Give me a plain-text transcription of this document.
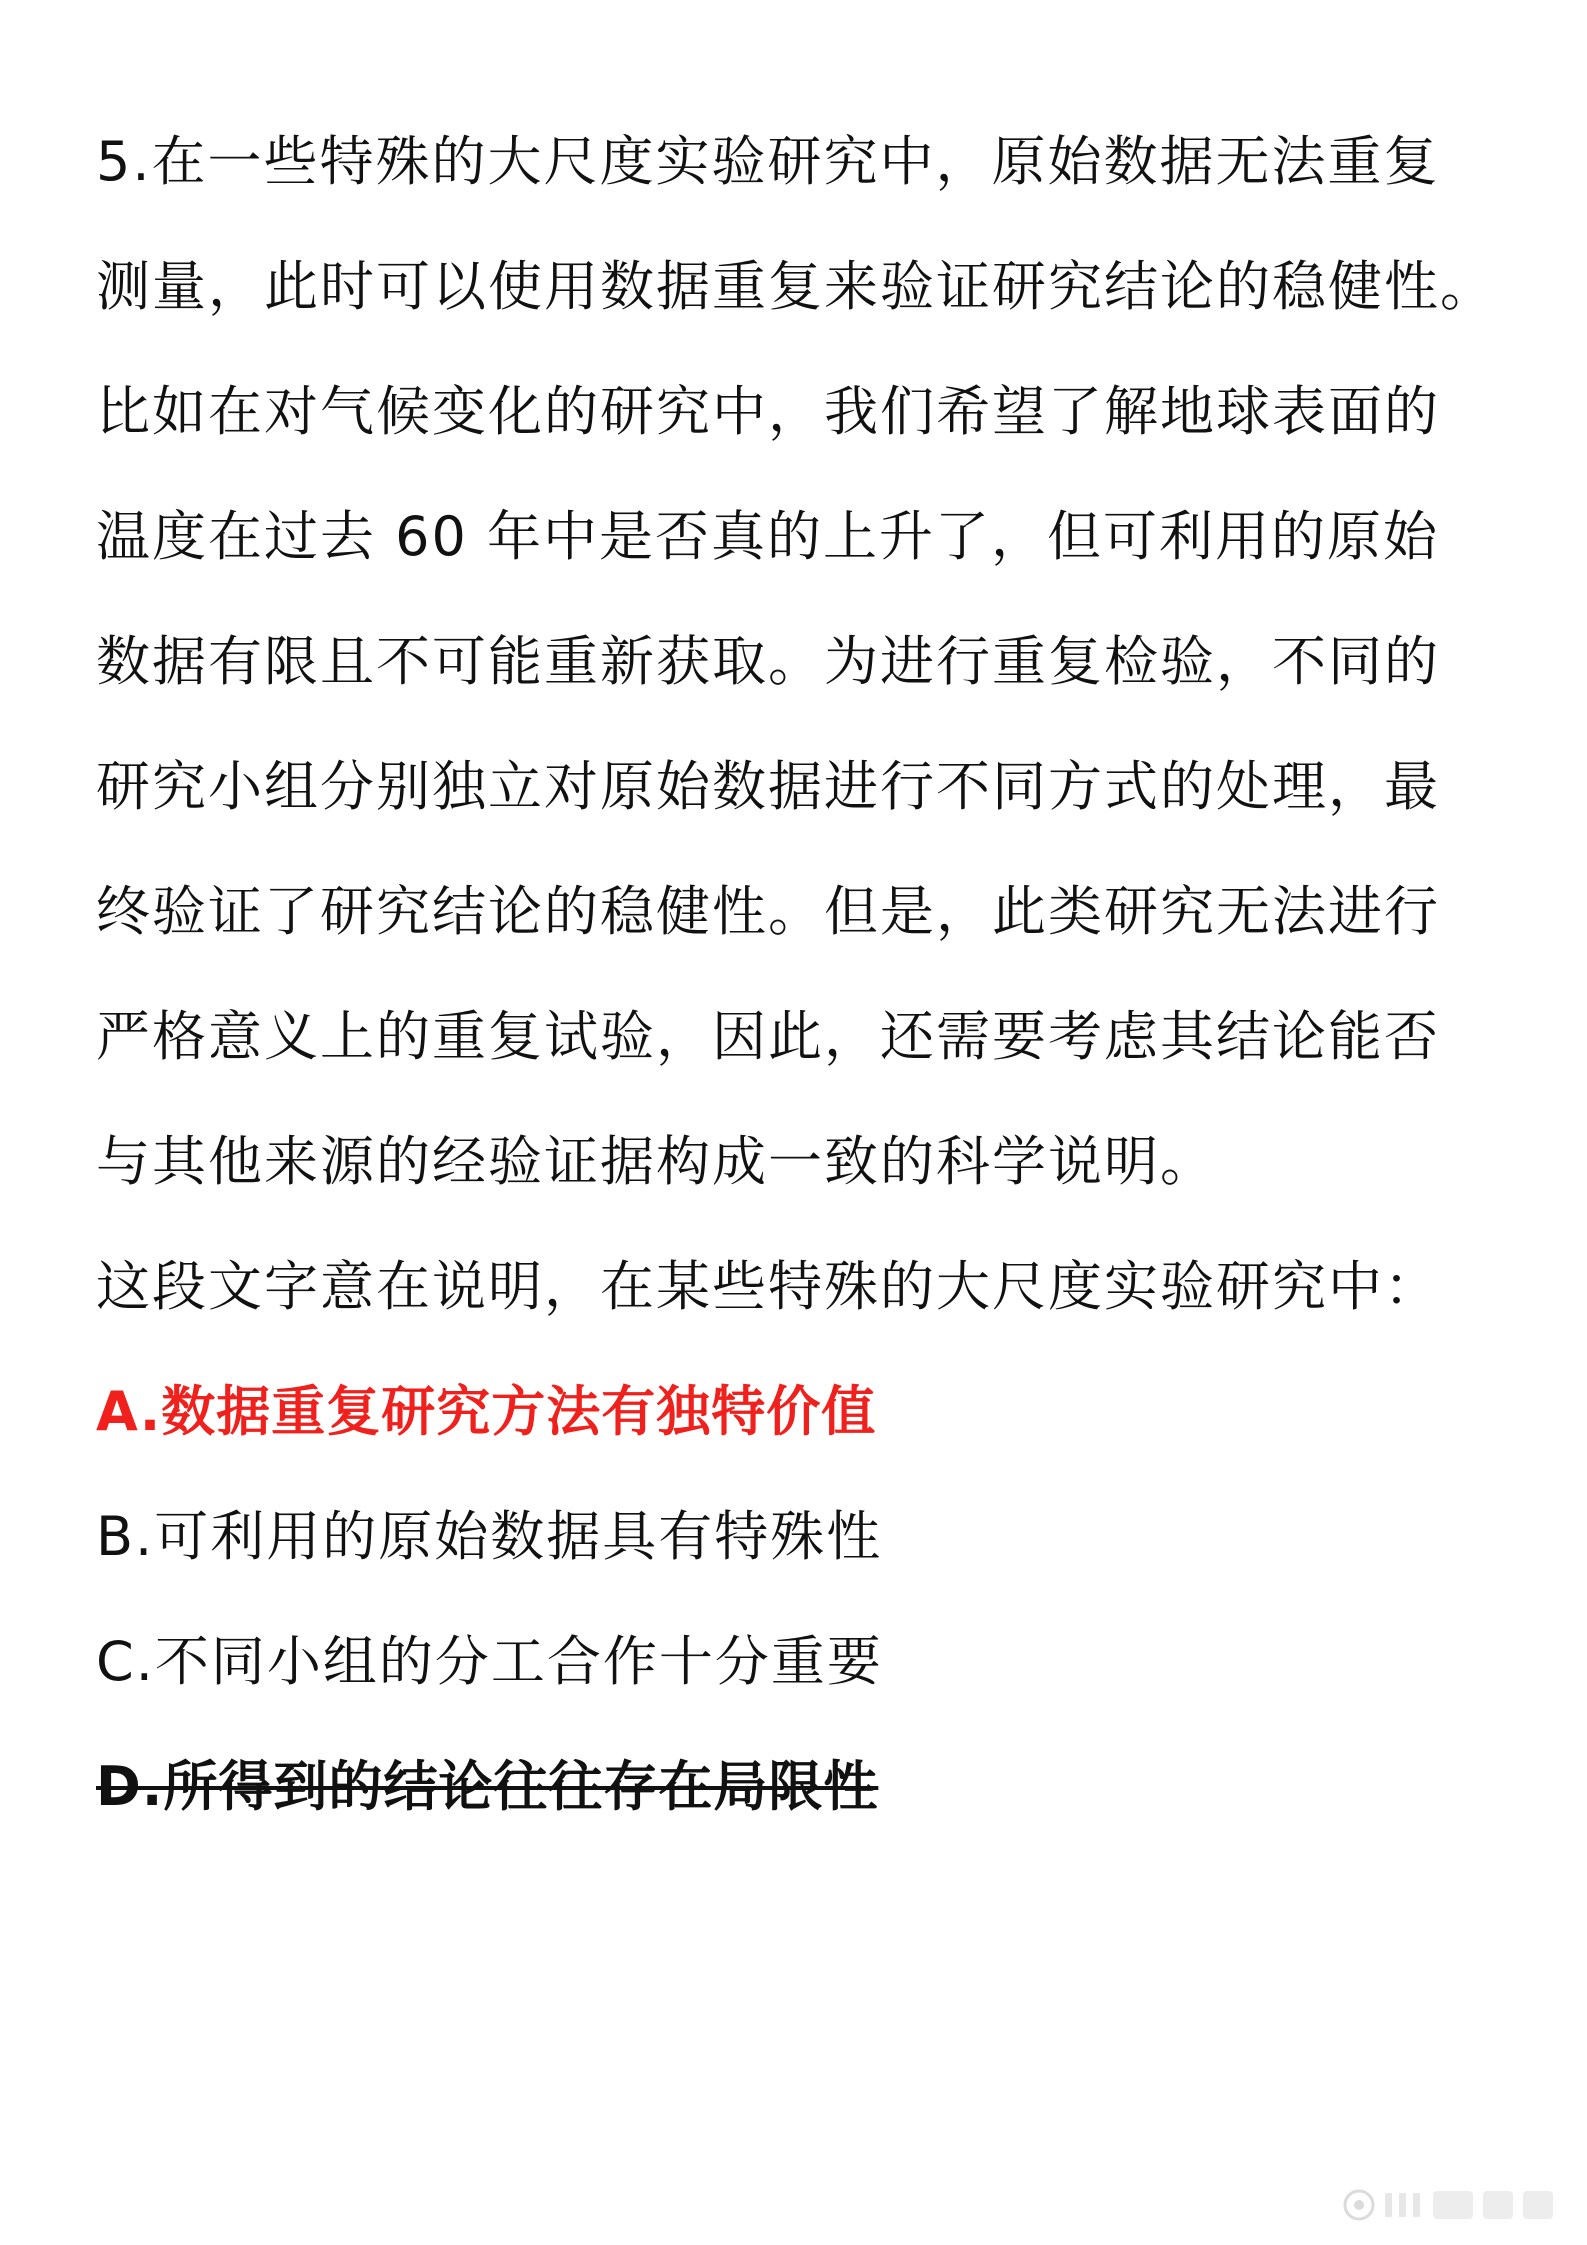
5.在一些特殊的大尺度实验研究中，原始数据无法重复
测量，此时可以使用数据重复来验证研究结论的稳健性。
比如在对气候变化的研究中，我们希望了解地球表面的
温度在过去 60 年中是否真的上升了，但可利用的原始
数据有限且不可能重新获取。为进行重复检验，不同的
研究小组分别独立对原始数据进行不同方式的处理，最
终验证了研究结论的稳健性。但是，此类研究无法进行
严格意义上的重复试验，因此，还需要考虑其结论能否
与其他来源的经验证据构成一致的科学说明。
这段文字意在说明，在某些特殊的大尺度实验研究中：
A.数据重复研究方法有独特价值
B.可利用的原始数据具有特殊性
C.不同小组的分工合作十分重要
D.所得到的结论往往存在局限性
